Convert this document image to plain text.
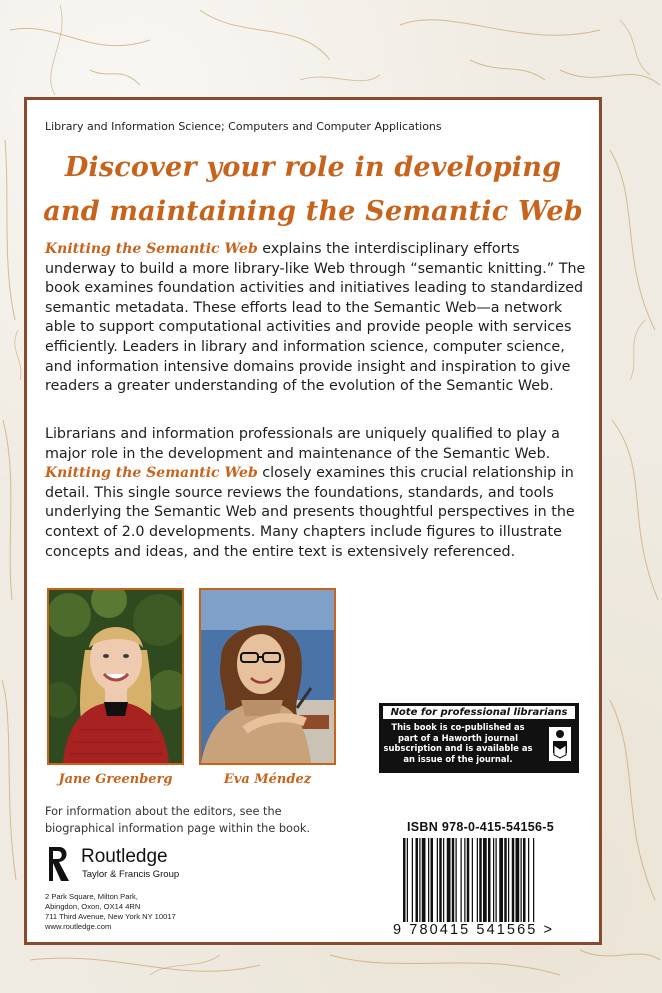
Library and Information Science; Computers and Computer Applications
Discover your role in developing
and maintaining the Semantic Web

Knitting the Semantic Web explains the interdisciplinary efforts underway to build a more library-like Web through “semantic knitting.” The book examines foundation activities and initiatives leading to standardized semantic metadata. These efforts lead to the Semantic Web—a network able to support computational activities and provide people with services efficiently. Leaders in library and information science, computer science, and information intensive domains provide insight and inspiration to give readers a greater understanding of the evolution of the Semantic Web.

Librarians and information professionals are uniquely qualified to play a major role in the development and maintenance of the Semantic Web. Knitting the Semantic Web closely examines this crucial relationship in detail. This single source reviews the foundations, standards, and tools underlying the Semantic Web and presents thoughtful perspectives in the context of 2.0 developments. Many chapters include figures to illustrate concepts and ideas, and the entire text is extensively referenced.

Jane Greenberg	Eva Méndez
Note for professional librarians
This book is co-published as part of a Haworth journal subscription and is available as an issue of the journal.
For information about the editors, see the biographical information page within the book.
Routledge
Taylor & Francis Group
2 Park Square, Milton Park,
Abingdon, Oxon, OX14 4RN
711 Third Avenue, New York NY 10017
www.routledge.com
ISBN 978-0-415-54156-5
9 780415 541565 >
